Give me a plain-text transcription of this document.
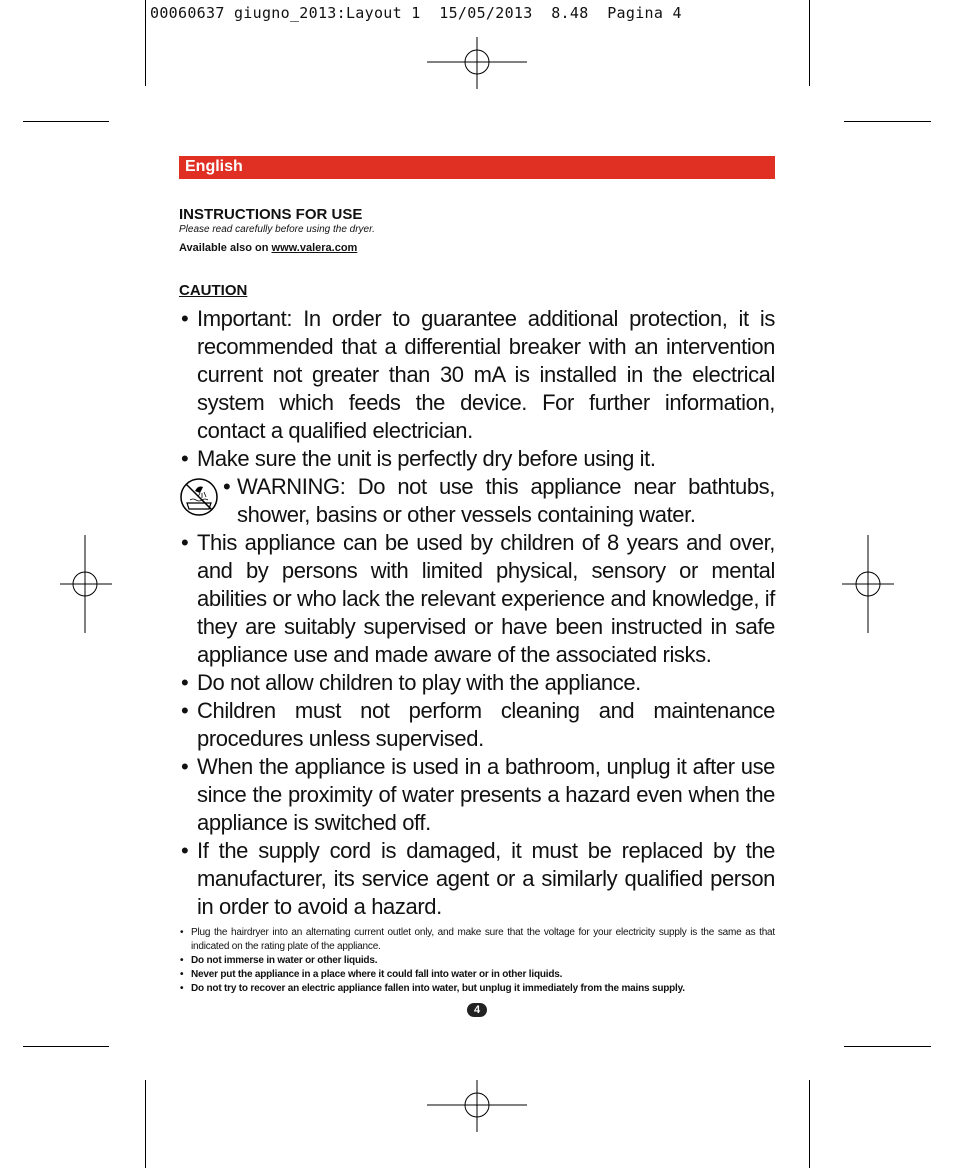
00060637 giugno_2013:Layout 1  15/05/2013  8.48  Pagina 4
English
INSTRUCTIONS FOR USE
Please read carefully before using the dryer.
Available also on www.valera.com
CAUTION
• Important: In order to guarantee additional protection, it is recommended that a differential breaker with an intervention current not greater than 30 mA is installed in the electrical system which feeds the device. For further information, contact a qualified electrician.
• Make sure the unit is perfectly dry before using it.
• WARNING: Do not use this appliance near bathtubs, shower, basins or other vessels containing water.
• This appliance can be used by children of 8 years and over, and by persons with limited physical, sensory or mental abilities or who lack the relevant experience and knowledge, if they are suitably supervised or have been instructed in safe appliance use and made aware of the associated risks.
• Do not allow children to play with the appliance.
• Children must not perform cleaning and maintenance procedures unless supervised.
• When the appliance is used in a bathroom, unplug it after use since the proximity of water presents a hazard even when the appliance is switched off.
• If the supply cord is damaged, it must be replaced by the manufacturer, its service agent or a similarly qualified person in order to avoid a hazard.
• Plug the hairdryer into an alternating current outlet only, and make sure that the voltage for your electricity supply is the same as that indicated on the rating plate of the appliance.
• Do not immerse in water or other liquids.
• Never put the appliance in a place where it could fall into water or in other liquids.
• Do not try to recover an electric appliance fallen into water, but unplug it immediately from the mains supply.
4
